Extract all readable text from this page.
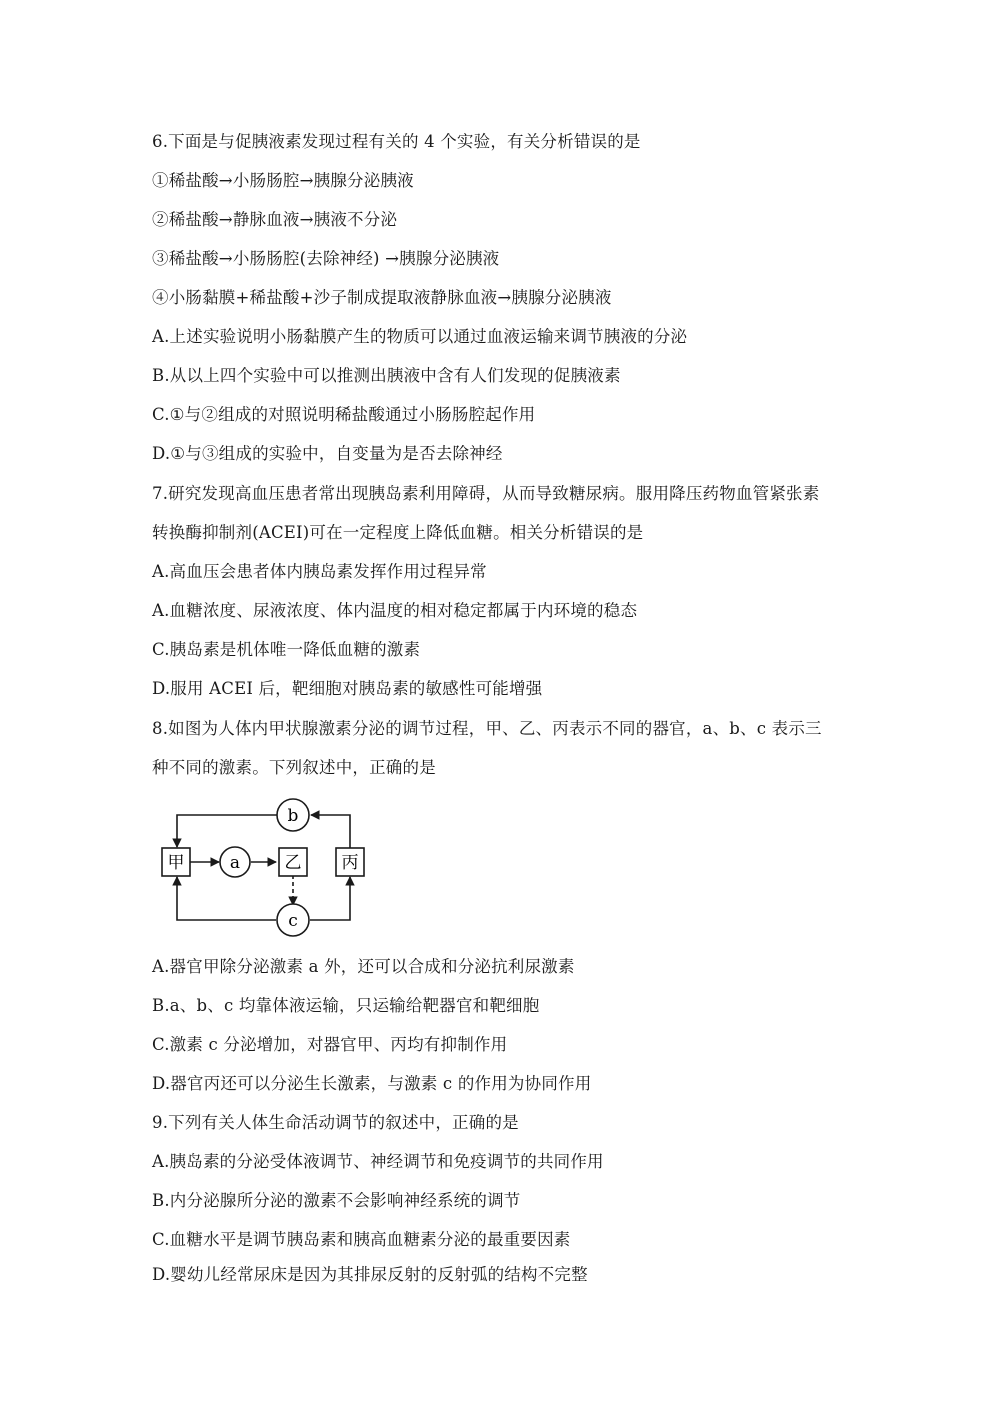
6.下面是与促胰液素发现过程有关的 4 个实验，有关分析错误的是
①稀盐酸→小肠肠腔→胰腺分泌胰液
②稀盐酸→静脉血液→胰液不分泌
③稀盐酸→小肠肠腔(去除神经) →胰腺分泌胰液
④小肠黏膜+稀盐酸+沙子制成提取液静脉血液→胰腺分泌胰液
A.上述实验说明小肠黏膜产生的物质可以通过血液运输来调节胰液的分泌
B.从以上四个实验中可以推测出胰液中含有人们发现的促胰液素
C.①与②组成的对照说明稀盐酸通过小肠肠腔起作用
D.①与③组成的实验中，自变量为是否去除神经
7.研究发现高血压患者常出现胰岛素利用障碍，从而导致糖尿病。服用降压药物血管紧张素
转换酶抑制剂(ACEI)可在一定程度上降低血糖。相关分析错误的是
A.高血压会患者体内胰岛素发挥作用过程异常
A.血糖浓度、尿液浓度、体内温度的相对稳定都属于内环境的稳态
C.胰岛素是机体唯一降低血糖的激素
D.服用 ACEI 后，靶细胞对胰岛素的敏感性可能增强
8.如图为人体内甲状腺激素分泌的调节过程，甲、乙、丙表示不同的器官，a、b、c 表示三
种不同的激素。下列叙述中，正确的是
甲	乙 丙
a
b
c
A.器官甲除分泌激素 a 外，还可以合成和分泌抗利尿激素
B.a、b、c 均靠体液运输，只运输给靶器官和靶细胞
C.激素 c 分泌增加，对器官甲、丙均有抑制作用
D.器官丙还可以分泌生长激素，与激素 c 的作用为协同作用
9.下列有关人体生命活动调节的叙述中，正确的是
A.胰岛素的分泌受体液调节、神经调节和免疫调节的共同作用
B.内分泌腺所分泌的激素不会影响神经系统的调节
C.血糖水平是调节胰岛素和胰高血糖素分泌的最重要因素
D.婴幼儿经常尿床是因为其排尿反射的反射弧的结构不完整
